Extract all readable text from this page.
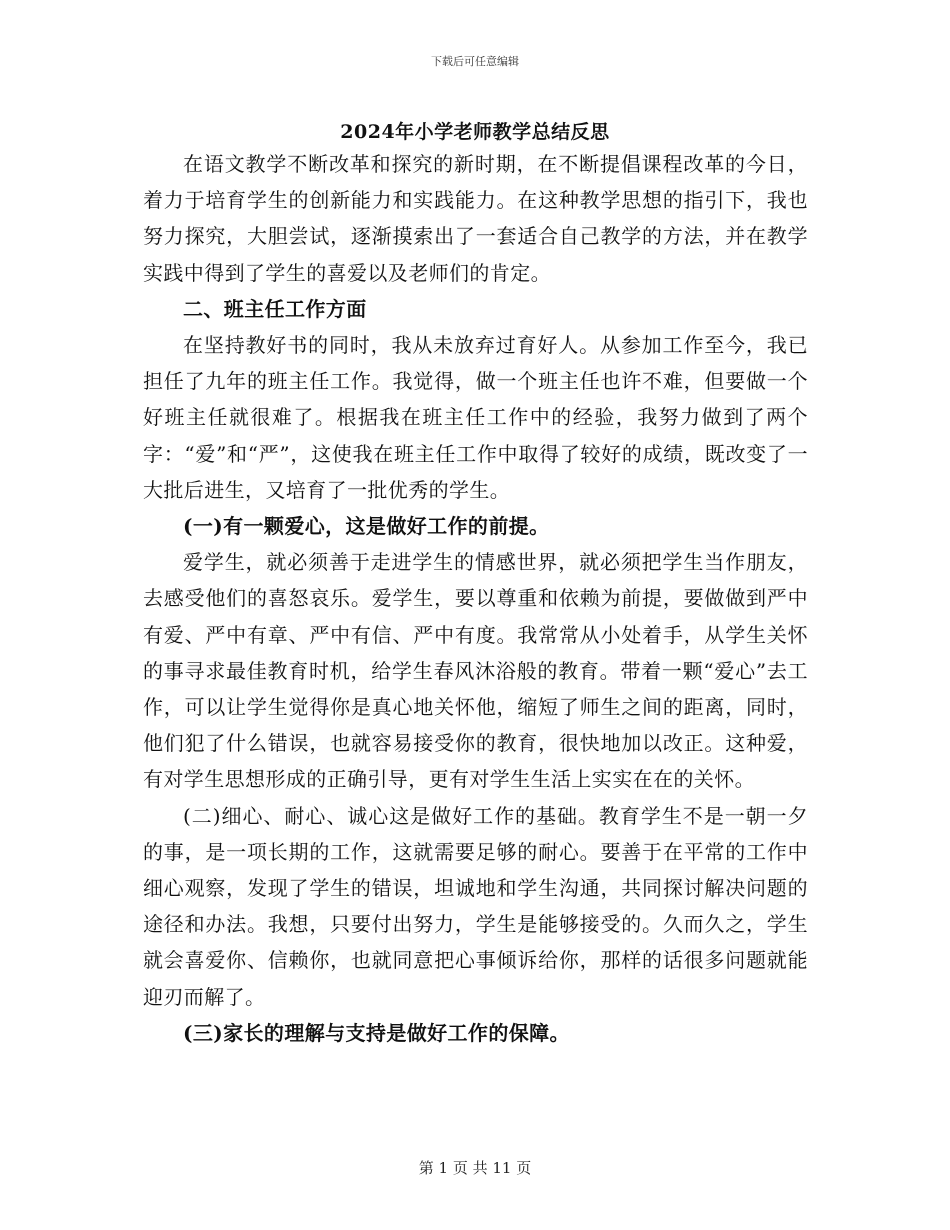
下载后可任意编辑
2024年小学老师教学总结反思

在语文教学不断改革和探究的新时期，在不断提倡课程改革的今日，着力于培育学生的创新能力和实践能力。在这种教学思想的指引下，我也努力探究，大胆尝试，逐渐摸索出了一套适合自己教学的方法，并在教学实践中得到了学生的喜爱以及老师们的肯定。

二、班主任工作方面

在坚持教好书的同时，我从未放弃过育好人。从参加工作至今，我已担任了九年的班主任工作。我觉得，做一个班主任也许不难，但要做一个好班主任就很难了。根据我在班主任工作中的经验，我努力做到了两个字：“爱”和“严”，这使我在班主任工作中取得了较好的成绩，既改变了一大批后进生，又培育了一批优秀的学生。

(一)有一颗爱心，这是做好工作的前提。

爱学生，就必须善于走进学生的情感世界，就必须把学生当作朋友，去感受他们的喜怒哀乐。爱学生，要以尊重和依赖为前提，要做做到严中有爱、严中有章、严中有信、严中有度。我常常从小处着手，从学生关怀的事寻求最佳教育时机，给学生春风沐浴般的教育。带着一颗“爱心”去工作，可以让学生觉得你是真心地关怀他，缩短了师生之间的距离，同时，他们犯了什么错误，也就容易接受你的教育，很快地加以改正。这种爱，有对学生思想形成的正确引导，更有对学生生活上实实在在的关怀。

(二)细心、耐心、诚心这是做好工作的基础。教育学生不是一朝一夕的事，是一项长期的工作，这就需要足够的耐心。要善于在平常的工作中细心观察，发现了学生的错误，坦诚地和学生沟通，共同探讨解决问题的途径和办法。我想，只要付出努力，学生是能够接受的。久而久之，学生就会喜爱你、信赖你，也就同意把心事倾诉给你，那样的话很多问题就能迎刃而解了。

(三)家长的理解与支持是做好工作的保障。

第 1 页 共 11 页
